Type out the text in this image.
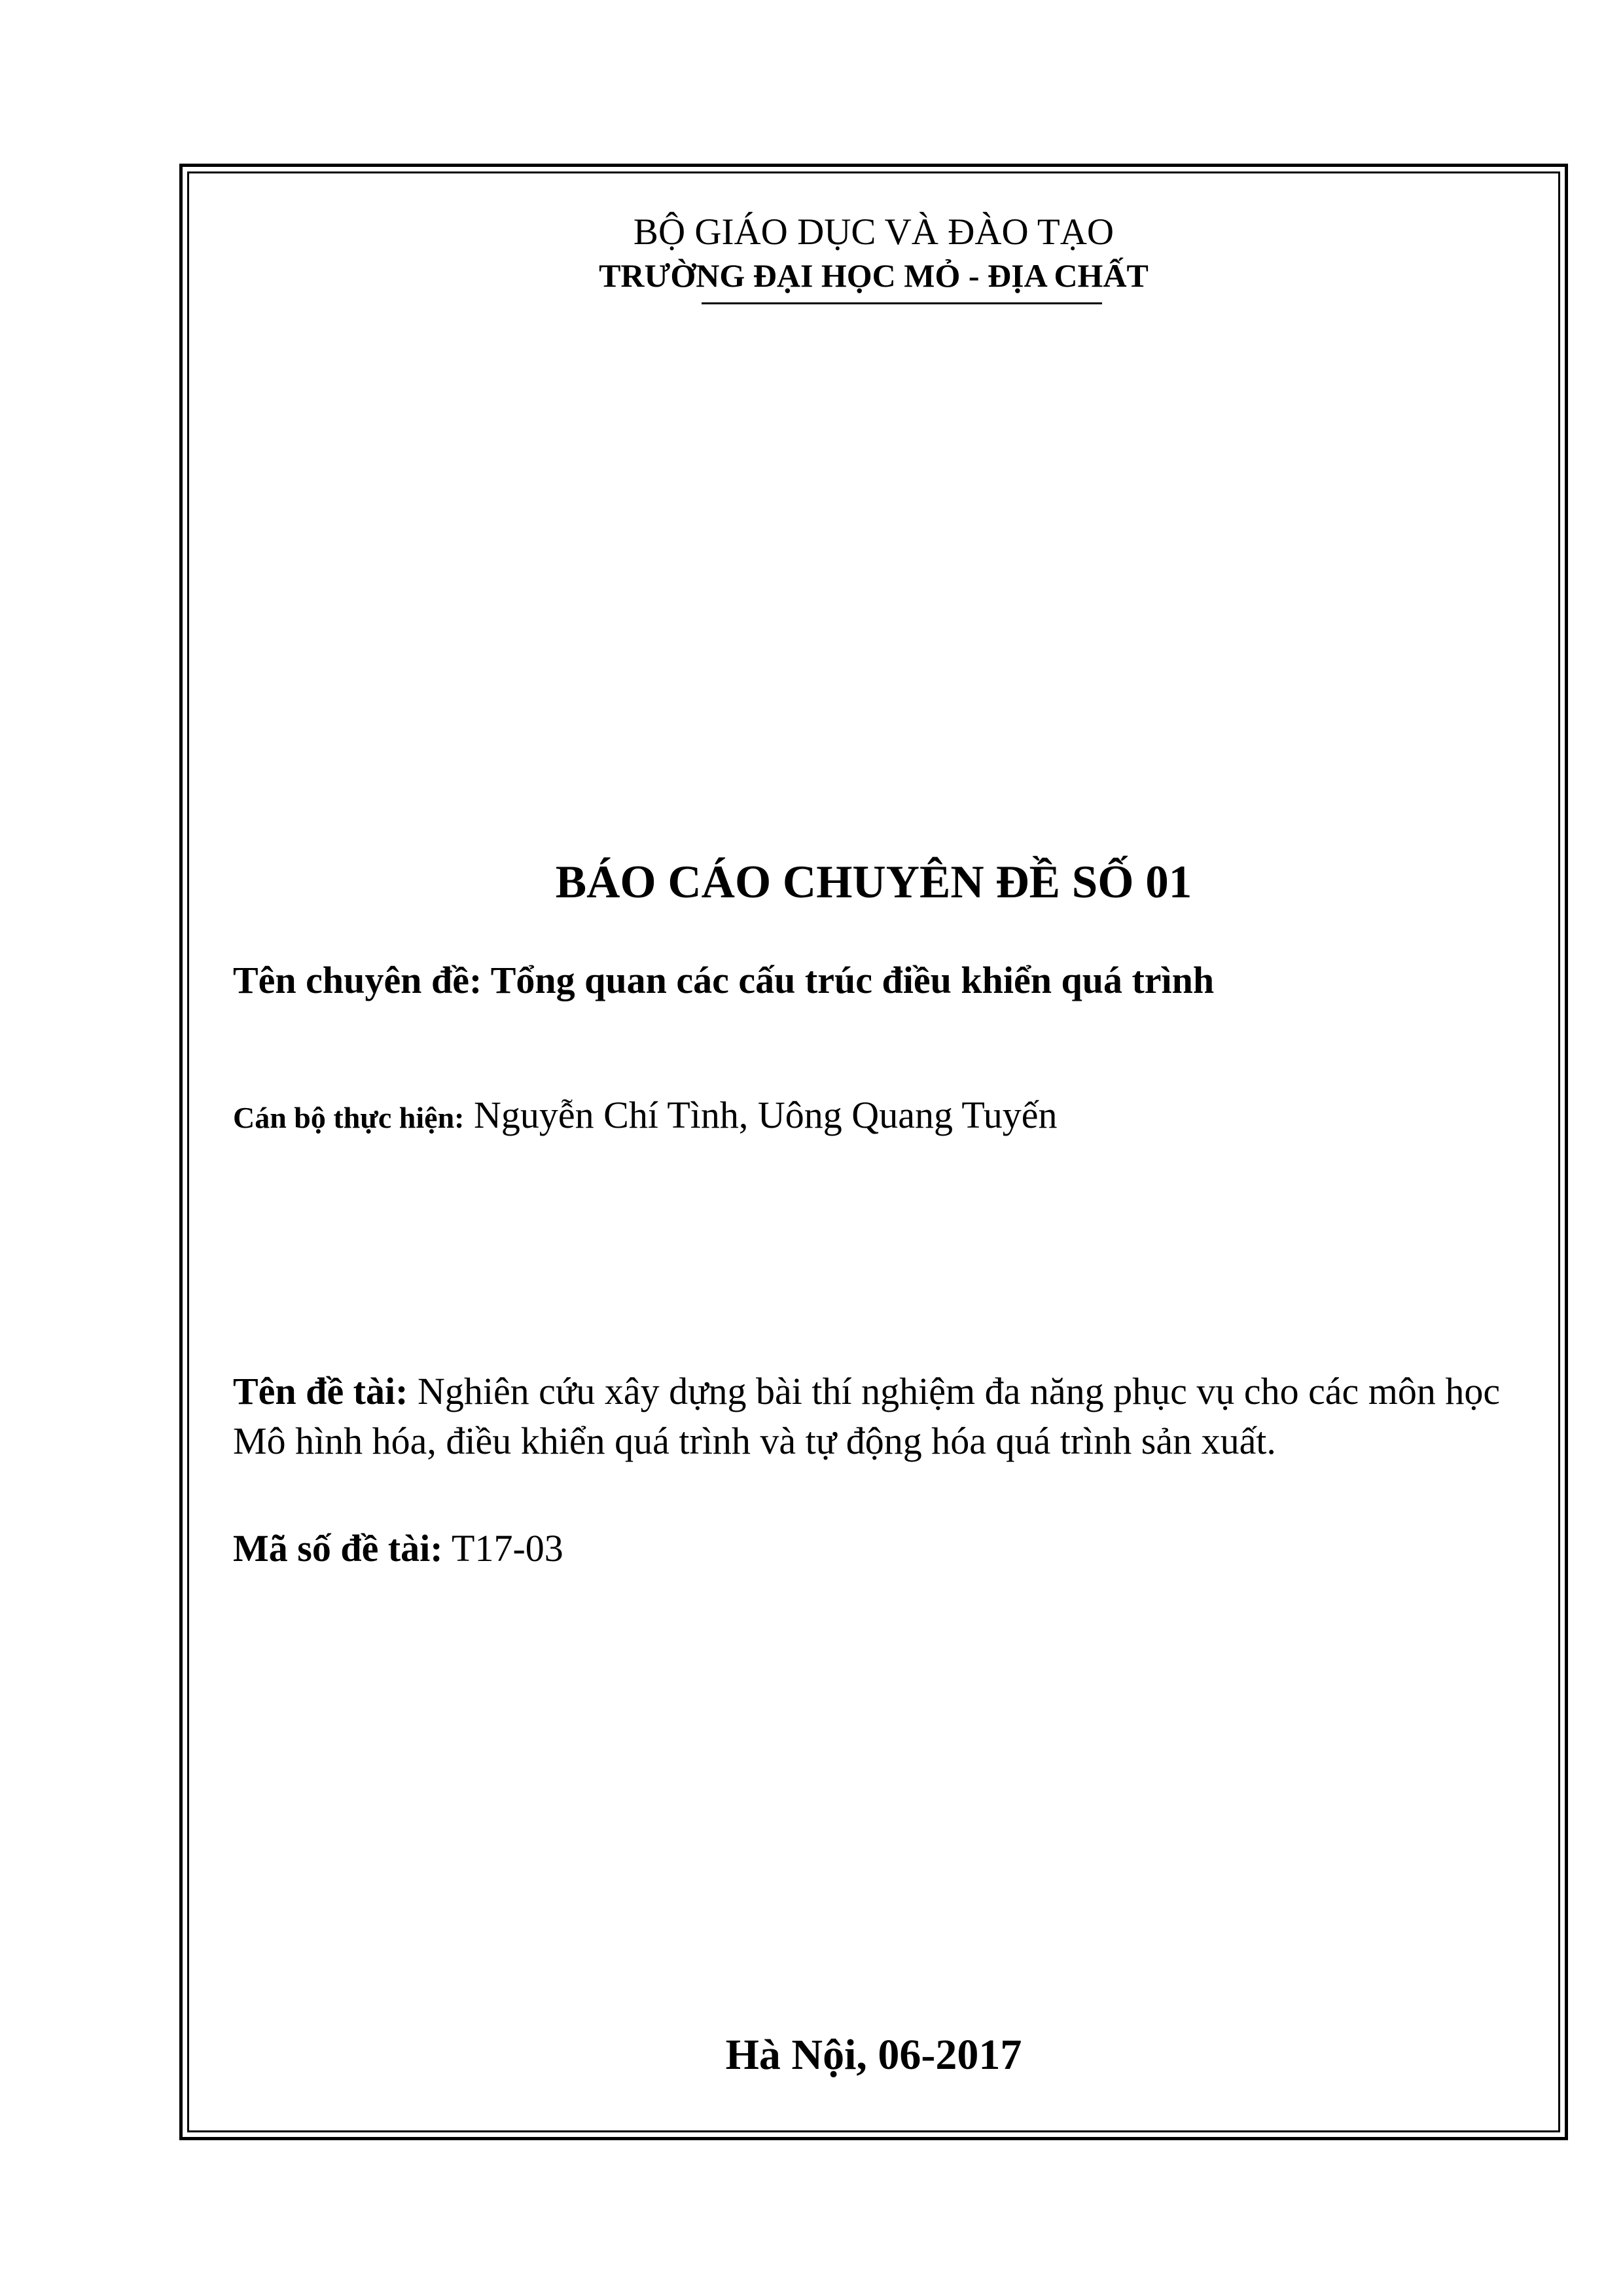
BỘ GIÁO DỤC VÀ ĐÀO TẠO
TRƯỜNG ĐẠI HỌC MỎ - ĐỊA CHẤT
BÁO CÁO CHUYÊN ĐỀ SỐ 01
Tên chuyên đề: Tổng quan các cấu trúc điều khiển quá trình
Cán bộ thực hiện: Nguyễn Chí Tình, Uông Quang Tuyến
Tên đề tài: Nghiên cứu xây dựng bài thí nghiệm đa năng phục vụ cho các môn học Mô hình hóa, điều khiển quá trình và tự động hóa quá trình sản xuất.
Mã số đề tài: T17-03
Hà Nội, 06-2017
